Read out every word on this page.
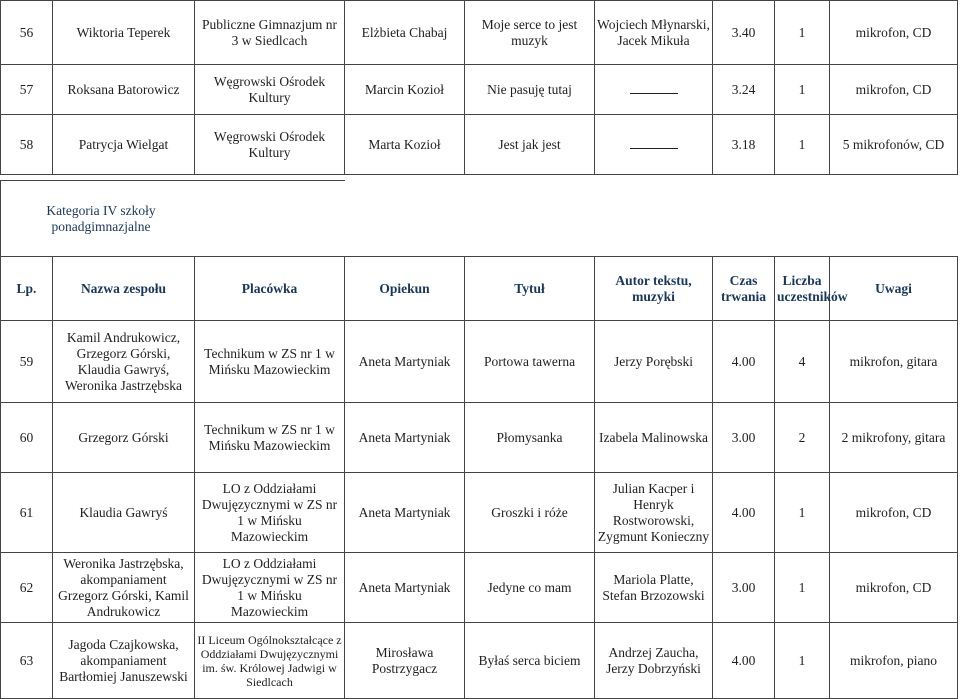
56	Wiktoria Teperek	Publiczne Gimnazjum nr 3 w Siedlcach	Elżbieta Chabaj	Moje serce to jest muzyk	Wojciech Młynarski, Jacek Mikuła	3.40	1	mikrofon, CD
57	Roksana Batorowicz	Węgrowski Ośrodek Kultury	Marcin Kozioł	Nie pasuję tutaj		3.24	1	mikrofon, CD
58	Patrycja Wielgat	Węgrowski Ośrodek Kultury	Marta Kozioł	Jest jak jest		3.18	1	5 mikrofonów, CD
Kategoria IV szkoły ponadgimnazjalne								

Lp.	Nazwa zespołu	Placówka	Opiekun	Tytuł	Autor tekstu, muzyki	Czas trwania	Liczba uczestników	Uwagi
59	Kamil Andrukowicz, Grzegorz Górski, Klaudia Gawryś, Weronika Jastrzębska	Technikum w ZS nr 1 w Mińsku Mazowieckim	Aneta Martyniak	Portowa tawerna	Jerzy Porębski	4.00	4	mikrofon, gitara
60	Grzegorz Górski	Technikum w ZS nr 1 w Mińsku Mazowieckim	Aneta Martyniak	Płomysanka	Izabela Malinowska	3.00	2	2 mikrofony, gitara
61	Klaudia Gawryś	LO z Oddziałami Dwujęzycznymi w ZS nr 1 w Mińsku Mazowieckim	Aneta Martyniak	Groszki i róże	Julian Kacper i Henryk Rostworowski, Zygmunt Konieczny	4.00	1	mikrofon, CD
62	Weronika Jastrzębska, akompaniament Grzegorz Górski, Kamil Andrukowicz	LO z Oddziałami Dwujęzycznymi w ZS nr 1 w Mińsku Mazowieckim	Aneta Martyniak	Jedyne co mam	Mariola Platte, Stefan Brzozowski	3.00	1	mikrofon, CD
63	Jagoda Czajkowska, akompaniament Bartłomiej Januszewski	II Liceum Ogólnokształcące z Oddziałami Dwujęzycznymi im. św. Królowej Jadwigi w Siedlcach	Mirosława Postrzygacz	Byłaś serca biciem	Andrzej Zaucha, Jerzy Dobrzyński	4.00	1	mikrofon, piano
